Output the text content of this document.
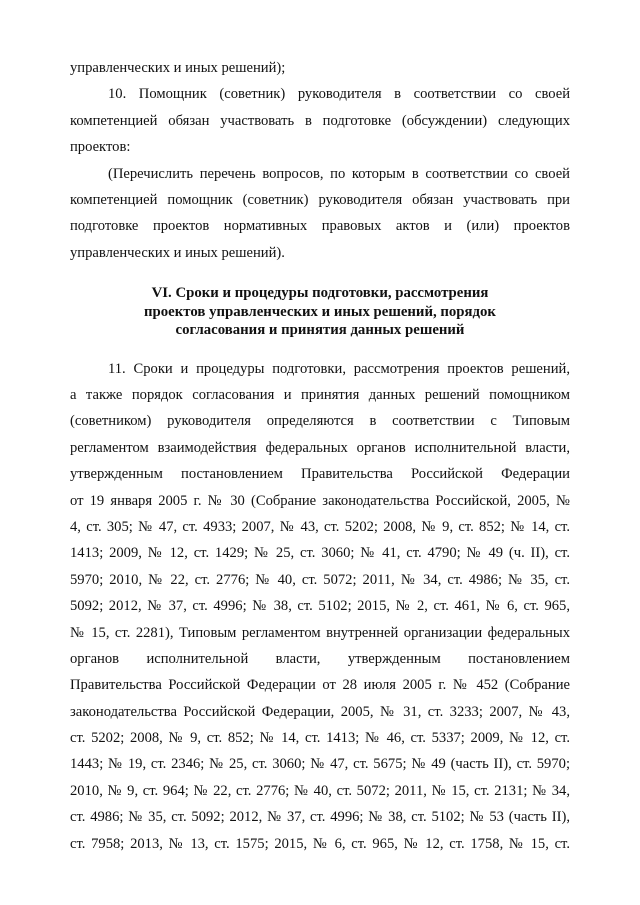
управленческих и иных решений);
10. Помощник (советник) руководителя в соответствии со своей
компетенцией обязан участвовать в подготовке (обсуждении) следующих
проектов:
(Перечислить перечень вопросов, по которым в соответствии со своей
компетенцией помощник (советник) руководителя обязан участвовать при
подготовке проектов нормативных правовых актов и (или) проектов
управленческих и иных решений).
VI. Сроки и процедуры подготовки, рассмотрения
проектов управленческих и иных решений, порядок
согласования и принятия данных решений
11. Сроки и процедуры подготовки, рассмотрения проектов решений,
а также порядок согласования и принятия данных решений помощником
(советником) руководителя определяются в соответствии с Типовым
регламентом взаимодействия федеральных органов исполнительной власти,
утвержденным постановлением Правительства Российской Федерации
от 19 января 2005 г. № 30 (Собрание законодательства Российской, 2005, №
4, ст. 305; № 47, ст. 4933; 2007, № 43, ст. 5202; 2008, № 9, ст. 852; № 14, ст.
1413; 2009, № 12, ст. 1429; № 25, ст. 3060; № 41, ст. 4790; № 49 (ч. II), ст.
5970; 2010, № 22, ст. 2776; № 40, ст. 5072; 2011, № 34, ст. 4986; № 35, ст.
5092; 2012, № 37, ст. 4996; № 38, ст. 5102; 2015, № 2, ст. 461, № 6, ст. 965,
№ 15, ст. 2281), Типовым регламентом внутренней организации федеральных
органов исполнительной власти, утвержденным постановлением
Правительства Российской Федерации от 28 июля 2005 г. № 452 (Собрание
законодательства Российской Федерации, 2005, № 31, ст. 3233; 2007, № 43,
ст. 5202; 2008, № 9, ст. 852; № 14, ст. 1413; № 46, ст. 5337; 2009, № 12, ст.
1443; № 19, ст. 2346; № 25, ст. 3060; № 47, ст. 5675; № 49 (часть II), ст. 5970;
2010, № 9, ст. 964; № 22, ст. 2776; № 40, ст. 5072; 2011, № 15, ст. 2131; № 34,
ст. 4986; № 35, ст. 5092; 2012, № 37, ст. 4996; № 38, ст. 5102; № 53 (часть II),
ст. 7958; 2013, № 13, ст. 1575; 2015, № 6, ст. 965, № 12, ст. 1758, № 15, ст.
